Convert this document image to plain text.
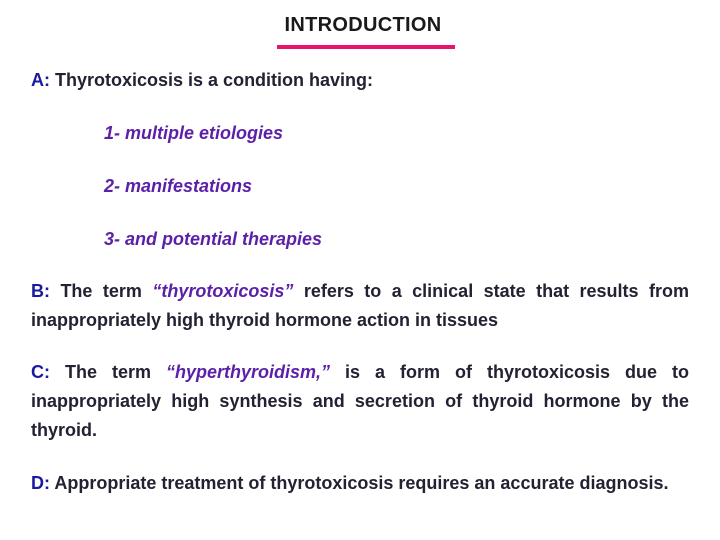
INTRODUCTION
A: Thyrotoxicosis is a condition having:
1- multiple etiologies
2- manifestations
3- and potential therapies
B: The term “thyrotoxicosis” refers to a clinical state that results from inappropriately high thyroid hormone action in tissues
C: The term “hyperthyroidism,” is a form of thyrotoxicosis due to inappropriately high synthesis and secretion of thyroid hormone by the thyroid.
D: Appropriate treatment of thyrotoxicosis requires an accurate diagnosis.
